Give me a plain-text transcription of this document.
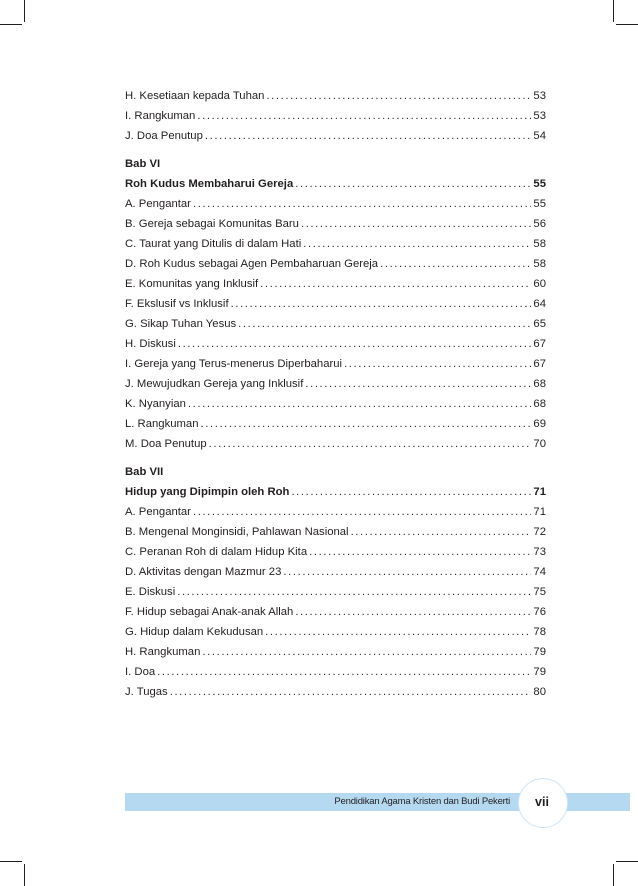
H. Kesetiaan kepada Tuhan .....	53
I. Rangkuman .....	53
J. Doa Penutup .....	54
Bab VI
Roh Kudus Membaharui Gereja .....	55
A. Pengantar .....	55
B. Gereja sebagai Komunitas Baru .....	56
C. Taurat yang Ditulis di dalam Hati .....	58
D. Roh Kudus sebagai Agen Pembaharuan Gereja .....	58
E. Komunitas yang Inklusif .....	60
F. Ekslusif vs Inklusif .....	64
G. Sikap Tuhan Yesus .....	65
H. Diskusi .....	67
I. Gereja yang Terus-menerus Diperbaharui .....	67
J. Mewujudkan Gereja yang Inklusif .....	68
K. Nyanyian .....	68
L. Rangkuman .....	69
M. Doa Penutup .....	70
Bab VII
Hidup yang Dipimpin oleh Roh .....	71
A. Pengantar .....	71
B. Mengenal Monginsidi, Pahlawan Nasional .....	72
C. Peranan Roh di dalam Hidup Kita .....	73
D. Aktivitas dengan Mazmur 23 .....	74
E. Diskusi .....	75
F. Hidup sebagai Anak-anak Allah .....	76
G. Hidup dalam Kekudusan .....	78
H. Rangkuman .....	79
I. Doa .....	79
J. Tugas .....	80
Pendidikan Agama Kristen dan Budi Pekerti	vii
